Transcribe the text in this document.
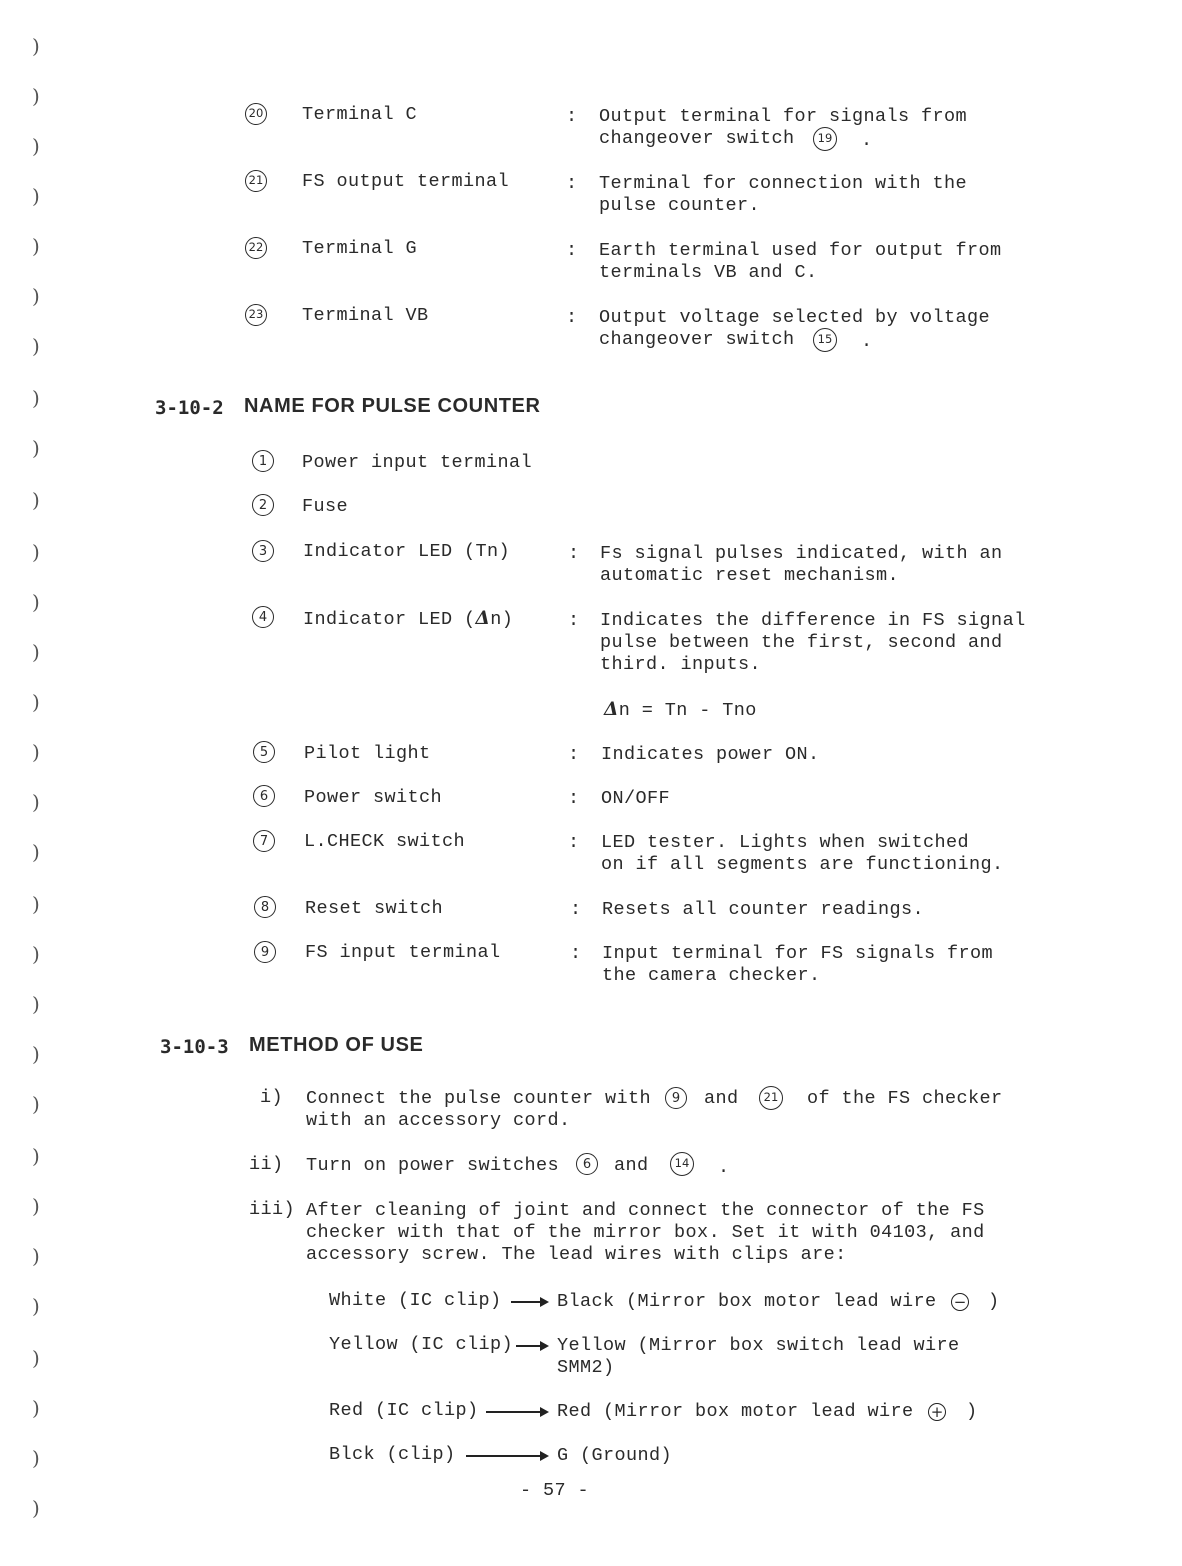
)
)
)
)
)
)
)
)
)
)
)
)
)
)
)
)
)
)
)
)
)
)
)
)
)
)
)
)
)
)
20 Terminal C	: Output terminal for signals from
changeover switch	19 .
21 FS output terminal	: Terminal for connection with the
pulse counter.
22 Terminal G	: Earth terminal used for output from
terminals VB and C.
23 Terminal VB	: Output voltage selected by voltage
changeover switch	15 .
3-10-2 NAME FOR PULSE COUNTER
1	Power input terminal
2	Fuse
3	Indicator LED (Tn)	: Fs signal pulses indicated, with an
automatic reset mechanism.
4	Indicator LED (Δn)	: Indicates the difference in FS signal
pulse between the first, second and
third. inputs.
Δn = Tn - Tno
5	Pilot light	: Indicates power ON.
6	Power switch	: ON/OFF
7	L.CHECK switch	: LED tester. Lights when switched
on if all segments are functioning.
8	Reset switch	: Resets all counter readings.
9	FS input terminal	: Input terminal for FS signals from
the camera checker.
3-10-3 METHOD OF USE
i) Connect the pulse counter with	9	and	21 of the FS checker
with an accessory cord.
ii) Turn on power switches	6	and	14 .
iii) After cleaning of joint and connect the connector of the FS
checker with that of the mirror box. Set it with 04103, and
accessory screw. The lead wires with clips are:
White (IC clip)	Black (Mirror box motor lead wire − )
Yellow (IC clip) Yellow (Mirror box switch lead wire
SMM2)
Red (IC clip)	Red (Mirror box motor lead wire + )
Blck (clip)	G (Ground)
- 57 -
